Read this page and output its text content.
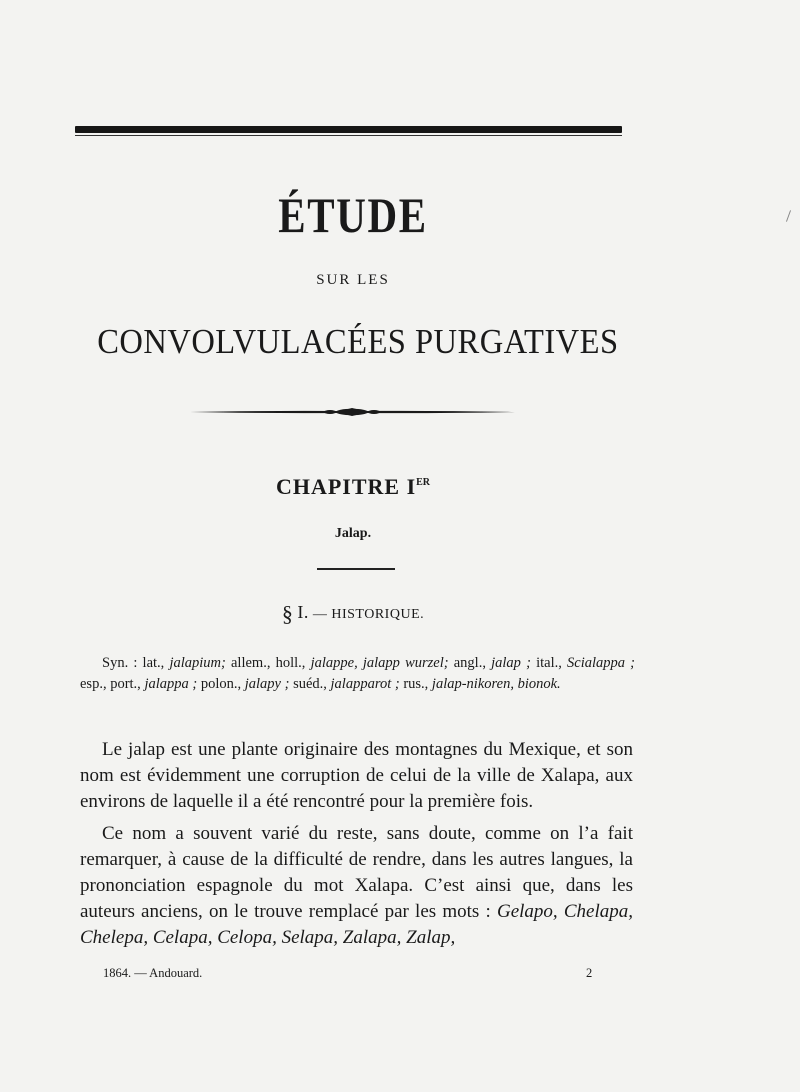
ÉTUDE
SUR LES
CONVOLVULACÉES PURGATIVES
CHAPITRE IER
Jalap.
§ I. — HISTORIQUE.
Syn. : lat., jalapium; allem., holl., jalappe, jalapp wurzel; angl., jalap ; ital., Scialappa ; esp., port., jalappa ; polon., jalapy ; suéd., jalapparot ; rus., jalap-nikoren, bionok.

Le jalap est une plante originaire des montagnes du Mexique, et son nom est évidemment une corruption de celui de la ville de Xalapa, aux environs de laquelle il a été rencontré pour la première fois.

Ce nom a souvent varié du reste, sans doute, comme on l’a fait remarquer, à cause de la difficulté de rendre, dans les autres langues, la prononciation espagnole du mot Xalapa. C’est ainsi que, dans les auteurs anciens, on le trouve remplacé par les mots : Gelapo, Chelapa, Chelepa, Celapa, Celopa, Selapa, Zalapa, Zalap,

1864. — Andouard.	2
